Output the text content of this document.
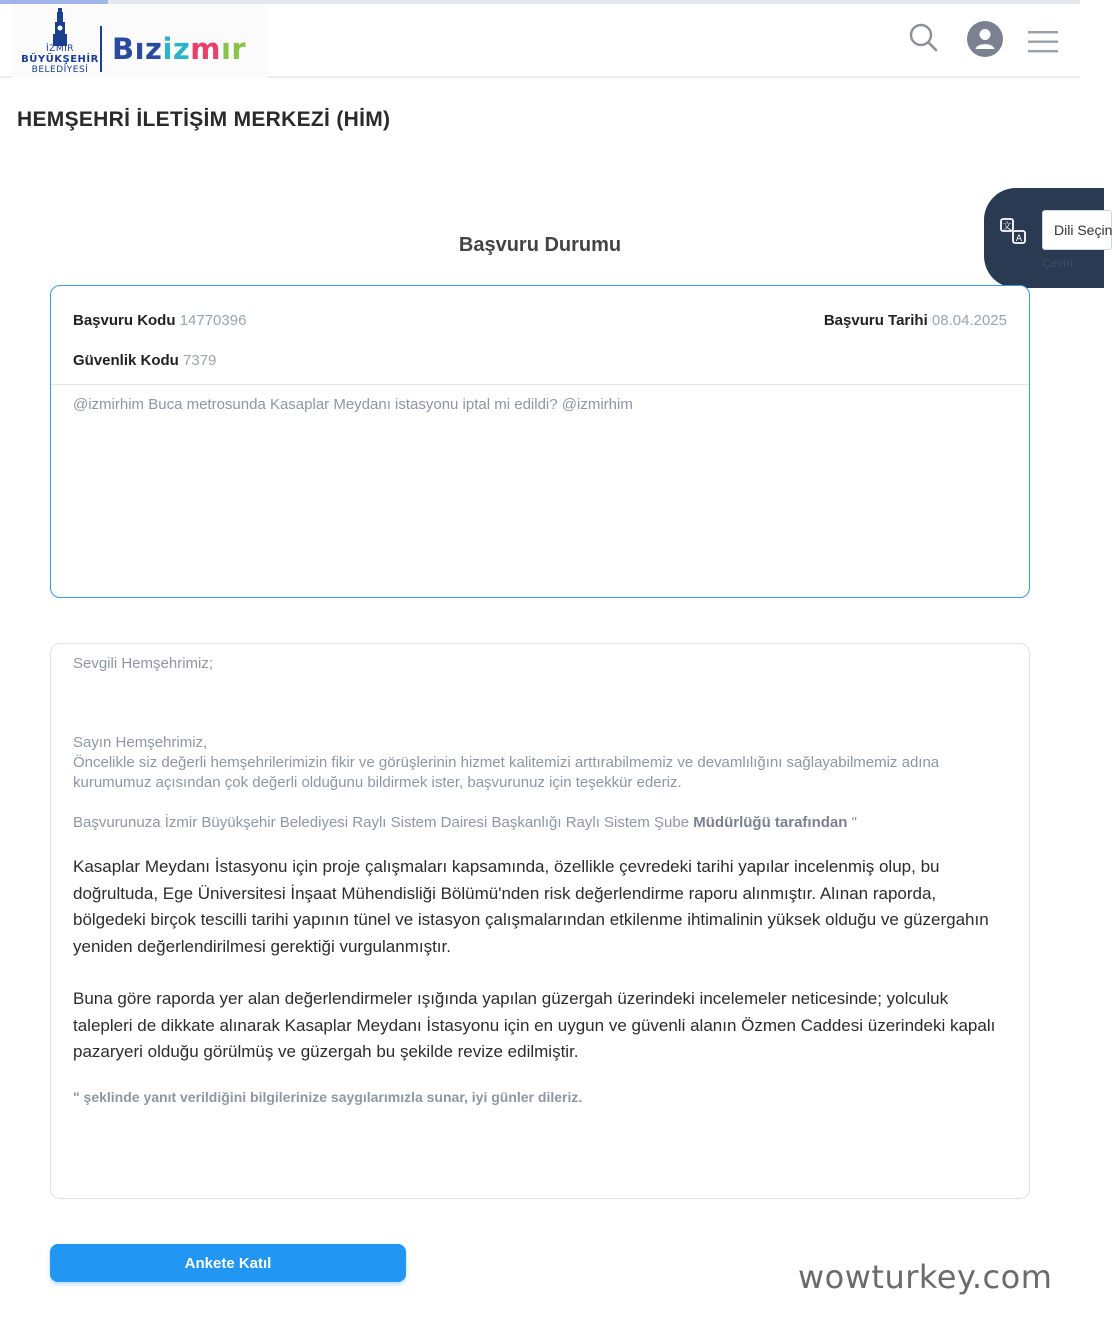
İZMİR
BÜYÜKŞEHİR
BELEDİYESİ
Bızizmır
HEMŞEHRİ İLETİŞİM MERKEZİ (HİM)
文
A
Dili Seçin
Çeviri
Başvuru Durumu
Başvuru Kodu 14770396	Başvuru Tarihi 08.04.2025
Güvenlik Kodu 7379
@izmirhim Buca metrosunda Kasaplar Meydanı istasyonu iptal mi edildi? @izmirhim
Sevgili Hemşehrimiz;
Sayın Hemşehrimiz,
Öncelikle siz değerli hemşehrilerimizin fikir ve görüşlerinin hizmet kalitemizi arttırabilmemiz ve devamlılığını sağlayabilmemiz adına kurumumuz açısından çok değerli olduğunu bildirmek ister, başvurunuz için teşekkür ederiz.
Başvurunuza İzmir Büyükşehir Belediyesi Raylı Sistem Dairesi Başkanlığı Raylı Sistem Şube Müdürlüğü tarafından "
Kasaplar Meydanı İstasyonu için proje çalışmaları kapsamında, özellikle çevredeki tarihi yapılar incelenmiş olup, bu doğrultuda, Ege Üniversitesi İnşaat Mühendisliği Bölümü'nden risk değerlendirme raporu alınmıştır. Alınan raporda, bölgedeki birçok tescilli tarihi yapının tünel ve istasyon çalışmalarından etkilenme ihtimalinin yüksek olduğu ve güzergahın yeniden değerlendirilmesi gerektiği vurgulanmıştır.
Buna göre raporda yer alan değerlendirmeler ışığında yapılan güzergah üzerindeki incelemeler neticesinde; yolculuk talepleri de dikkate alınarak Kasaplar Meydanı İstasyonu için en uygun ve güvenli alanın Özmen Caddesi üzerindeki kapalı pazaryeri olduğu görülmüş ve güzergah bu şekilde revize edilmiştir.
" şeklinde yanıt verildiğini bilgilerinize saygılarımızla sunar, iyi günler dileriz.
Ankete Katıl	wowturkey.com
